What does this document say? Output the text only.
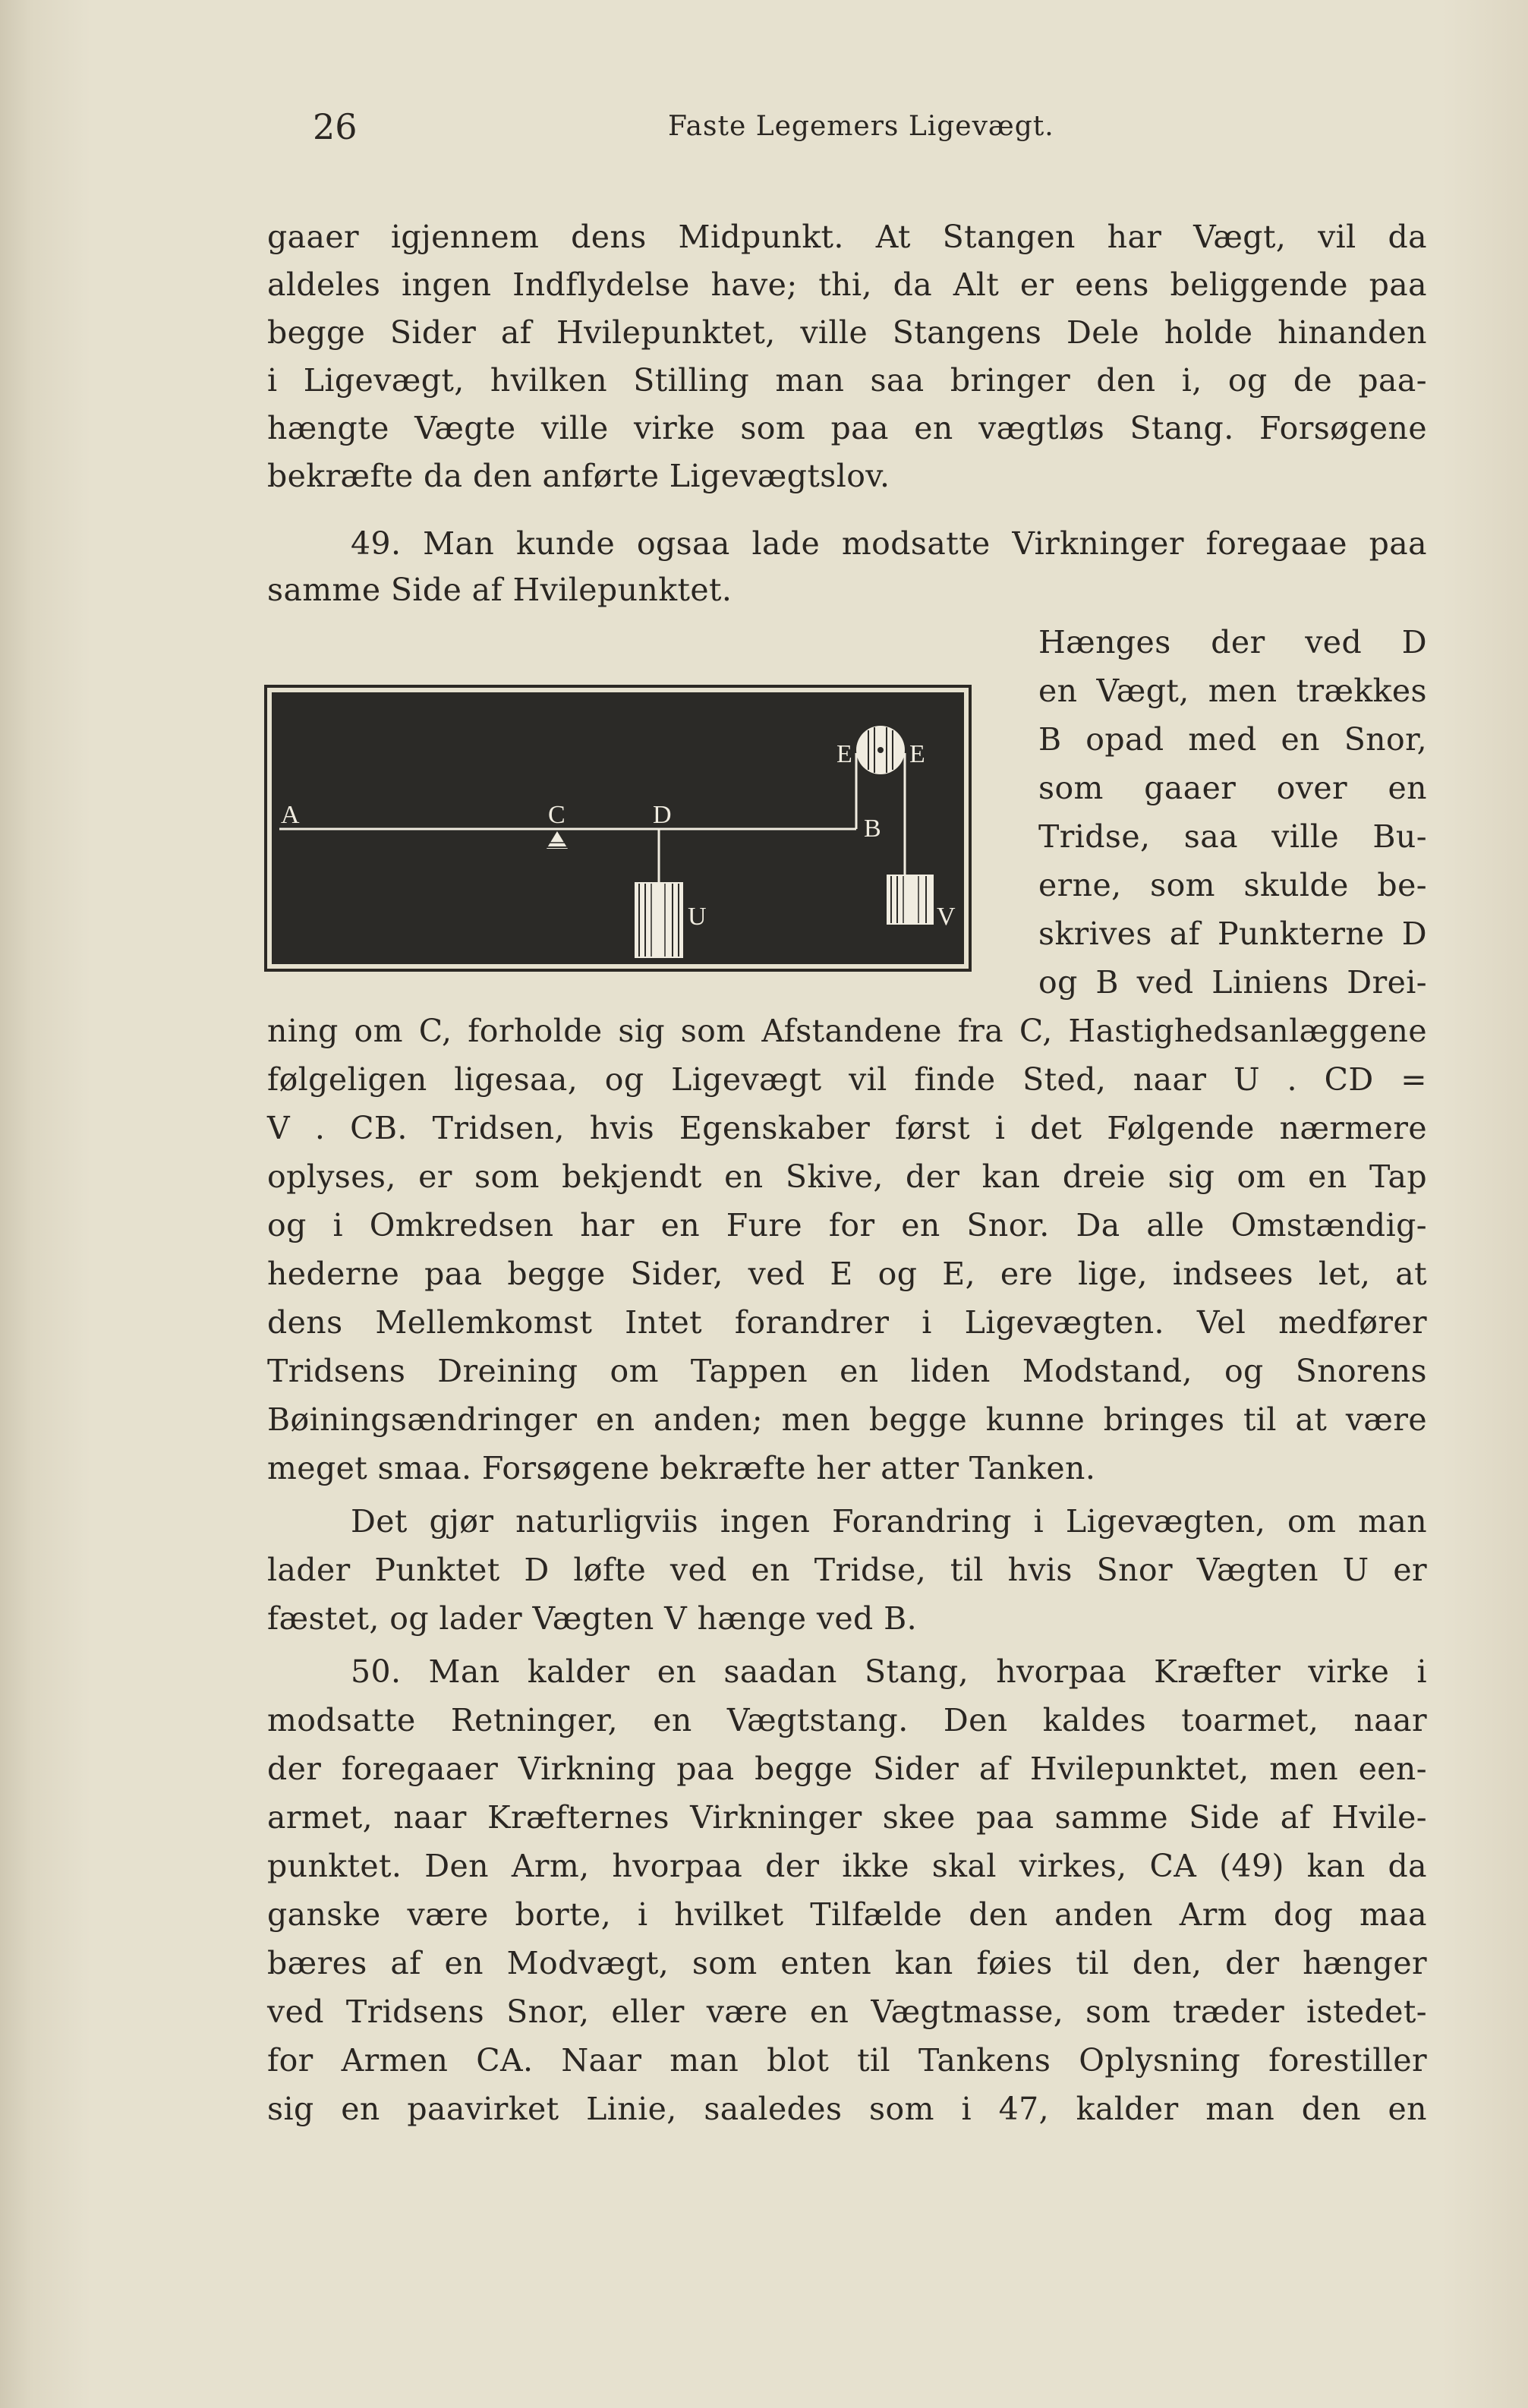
26	Faste Legemers Ligevægt.
gaaer igjennem dens Midpunkt. At Stangen har Vægt, vil da
aldeles ingen Indflydelse have; thi, da Alt er eens beliggende paa
begge Sider af Hvilepunktet, ville Stangens Dele holde hinanden
i Ligevægt, hvilken Stilling man saa bringer den i, og de paa-
hængte Vægte ville virke som paa en vægtløs Stang. Forsøgene
bekræfte da den anførte Ligevægtslov.
49. Man kunde ogsaa lade modsatte Virkninger foregaae paa
samme Side af Hvilepunktet.
Hænges der ved D
en Vægt, men trækkes
B opad med en Snor,
som gaaer over en
Tridse, saa ville Bu-
erne, som skulde be-
skrives af Punkterne D
og B ved Liniens Drei-
A	C	D
E E
B
U	V
ning om C, forholde sig som Afstandene fra C, Hastighedsanlæggene
følgeligen ligesaa, og Ligevægt vil finde Sted, naar U . CD =
V . CB. Tridsen, hvis Egenskaber først i det Følgende nærmere
oplyses, er som bekjendt en Skive, der kan dreie sig om en Tap
og i Omkredsen har en Fure for en Snor. Da alle Omstændig-
hederne paa begge Sider, ved E og E, ere lige, indsees let, at
dens Mellemkomst Intet forandrer i Ligevægten. Vel medfører
Tridsens Dreining om Tappen en liden Modstand, og Snorens
Bøiningsændringer en anden; men begge kunne bringes til at være
meget smaa. Forsøgene bekræfte her atter Tanken.
Det gjør naturligviis ingen Forandring i Ligevægten, om man
lader Punktet D løfte ved en Tridse, til hvis Snor Vægten U er
fæstet, og lader Vægten V hænge ved B.
50. Man kalder en saadan Stang, hvorpaa Kræfter virke i
modsatte Retninger, en Vægtstang. Den kaldes toarmet, naar
der foregaaer Virkning paa begge Sider af Hvilepunktet, men een-
armet, naar Kræfternes Virkninger skee paa samme Side af Hvile-
punktet. Den Arm, hvorpaa der ikke skal virkes, CA (49) kan da
ganske være borte, i hvilket Tilfælde den anden Arm dog maa
bæres af en Modvægt, som enten kan føies til den, der hænger
ved Tridsens Snor, eller være en Vægtmasse, som træder istedet-
for Armen CA. Naar man blot til Tankens Oplysning forestiller
sig en paavirket Linie, saaledes som i 47, kalder man den en
